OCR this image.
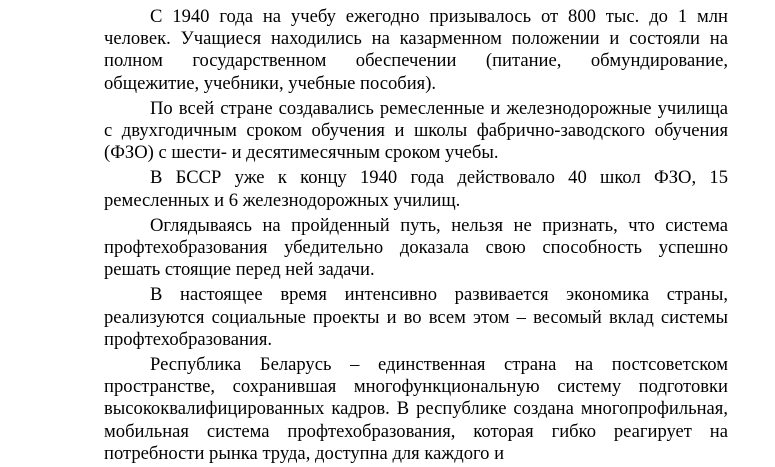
С 1940 года на учебу ежегодно призывалось от 800 тыс. до 1 млн человек. Учащиеся находились на казарменном положении и состояли на полном государственном обеспечении (питание, обмундирование, общежитие, учебники, учебные пособия).

По всей стране создавались ремесленные и железнодорожные училища с двухгодичным сроком обучения и школы фабрично-заводского обучения (ФЗО) с шести- и десятимесячным сроком учебы.

В БССР уже к концу 1940 года действовало 40 школ ФЗО, 15 ремесленных и 6 железнодорожных училищ.

Оглядываясь на пройденный путь, нельзя не признать, что система профтехобразования убедительно доказала свою способность успешно решать стоящие перед ней задачи.

В настоящее время интенсивно развивается экономика страны, реализуются социальные проекты и во всем этом – весомый вклад системы профтехобразования.

Республика Беларусь – единственная страна на постсоветском пространстве, сохранившая многофункциональную систему подготовки высококвалифицированных кадров. В республике создана многопрофильная, мобильная система профтехобразования, которая гибко реагирует на потребности рынка труда, доступна для каждого и
